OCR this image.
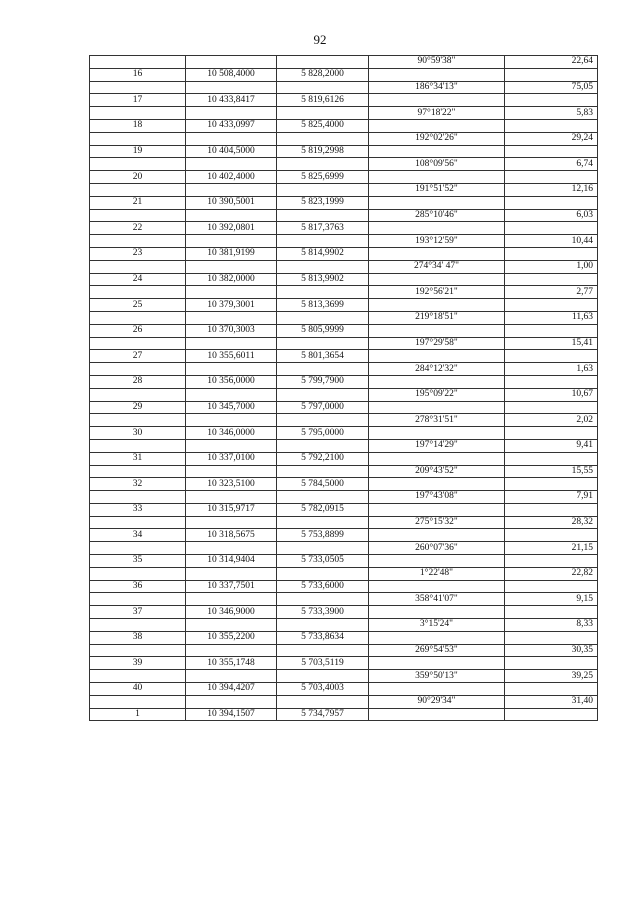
92
			90°59'38"	22,64
16	10 508,4000	5 828,2000		
			186°34'13"	75,05
17	10 433,8417	5 819,6126		
			97°18'22"	5,83
18	10 433,0997	5 825,4000		
			192°02'26"	29,24
19	10 404,5000	5 819,2998		
			108°09'56"	6,74
20	10 402,4000	5 825,6999		
			191°51'52"	12,16
21	10 390,5001	5 823,1999		
			285°10'46"	6,03
22	10 392,0801	5 817,3763		
			193°12'59"	10,44
23	10 381,9199	5 814,9902		
			274°34' 47"	1,00
24	10 382,0000	5 813,9902		
			192°56'21"	2,77
25	10 379,3001	5 813,3699		
			219°18'51"	11,63
26	10 370,3003	5 805,9999		
			197°29'58"	15,41
27	10 355,6011	5 801,3654		
			284°12'32"	1,63
28	10 356,0000	5 799,7900		
			195°09'22"	10,67
29	10 345,7000	5 797,0000		
			278°31'51"	2,02
30	10 346,0000	5 795,0000		
			197°14'29"	9,41
31	10 337,0100	5 792,2100		
			209°43'52"	15,55
32	10 323,5100	5 784,5000		
			197°43'08"	7,91
33	10 315,9717	5 782,0915		
			275°15'32"	28,32
34	10 318,5675	5 753,8899		
			260°07'36"	21,15
35	10 314,9404	5 733,0505		
			1°22'48"	22,82
36	10 337,7501	5 733,6000		
			358°41'07"	9,15
37	10 346,9000	5 733,3900		
			3°15'24"	8,33
38	10 355,2200	5 733,8634		
			269°54'53"	30,35
39	10 355,1748	5 703,5119		
			359°50'13"	39,25
40	10 394,4207	5 703,4003		
			90°29'34"	31,40
1	10 394,1507	5 734,7957		
